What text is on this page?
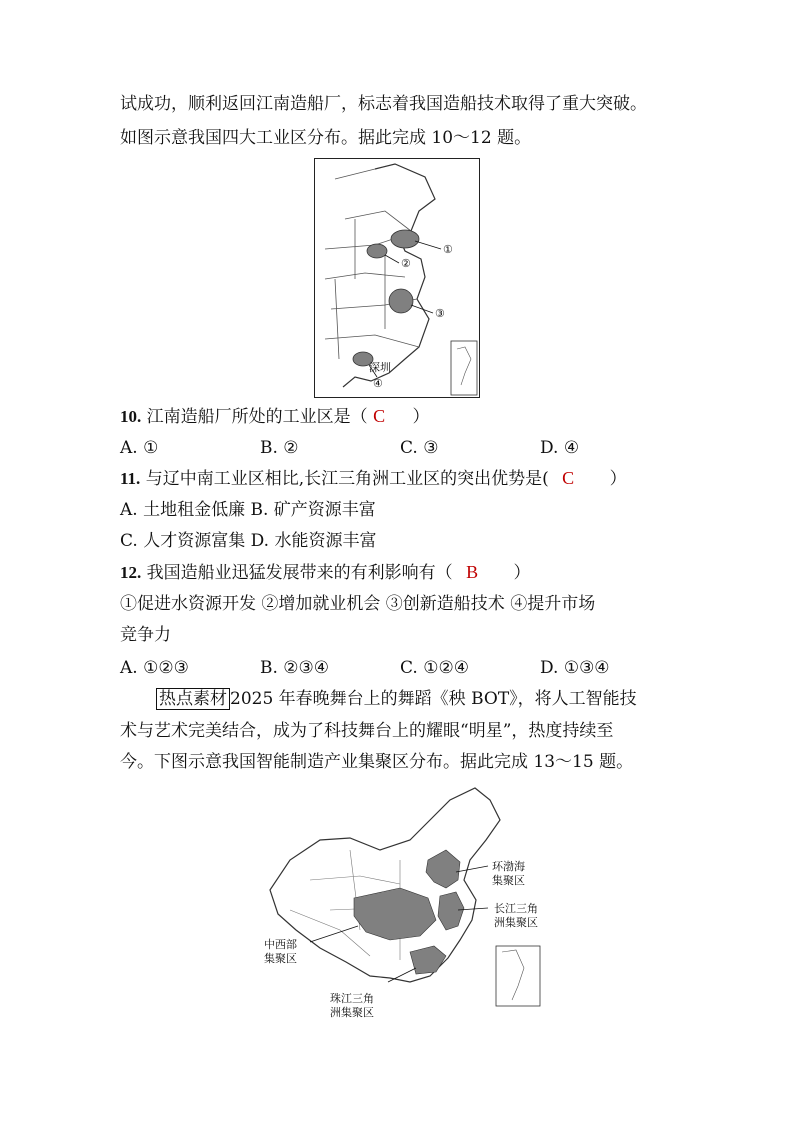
试成功，顺利返回江南造船厂，标志着我国造船技术取得了重大突破。
如图示意我国四大工业区分布。据此完成 10～12 题。
①
②
③
④
深圳
10. 江南造船厂所处的工业区是（ C ）
A. ①	B. ②	C. ③	D. ④
11. 与辽中南工业区相比,长江三角洲工业区的突出优势是( C ）
A. 土地租金低廉 B. 矿产资源丰富
C. 人才资源富集 D. 水能资源丰富
12. 我国造船业迅猛发展带来的有利影响有（ B ）
①促进水资源开发 ②增加就业机会 ③创新造船技术 ④提升市场
竞争力
A. ①②③	B. ②③④	C. ①②④	D. ①③④
热点素材 2025 年春晚舞台上的舞蹈《秧 BOT》，将人工智能技
术与艺术完美结合，成为了科技舞台上的耀眼“明星”，热度持续至
今。下图示意我国智能制造产业集聚区分布。据此完成 13～15 题。
环渤海
集聚区
长江三角
洲集聚区
中西部
集聚区
珠江三角
洲集聚区
